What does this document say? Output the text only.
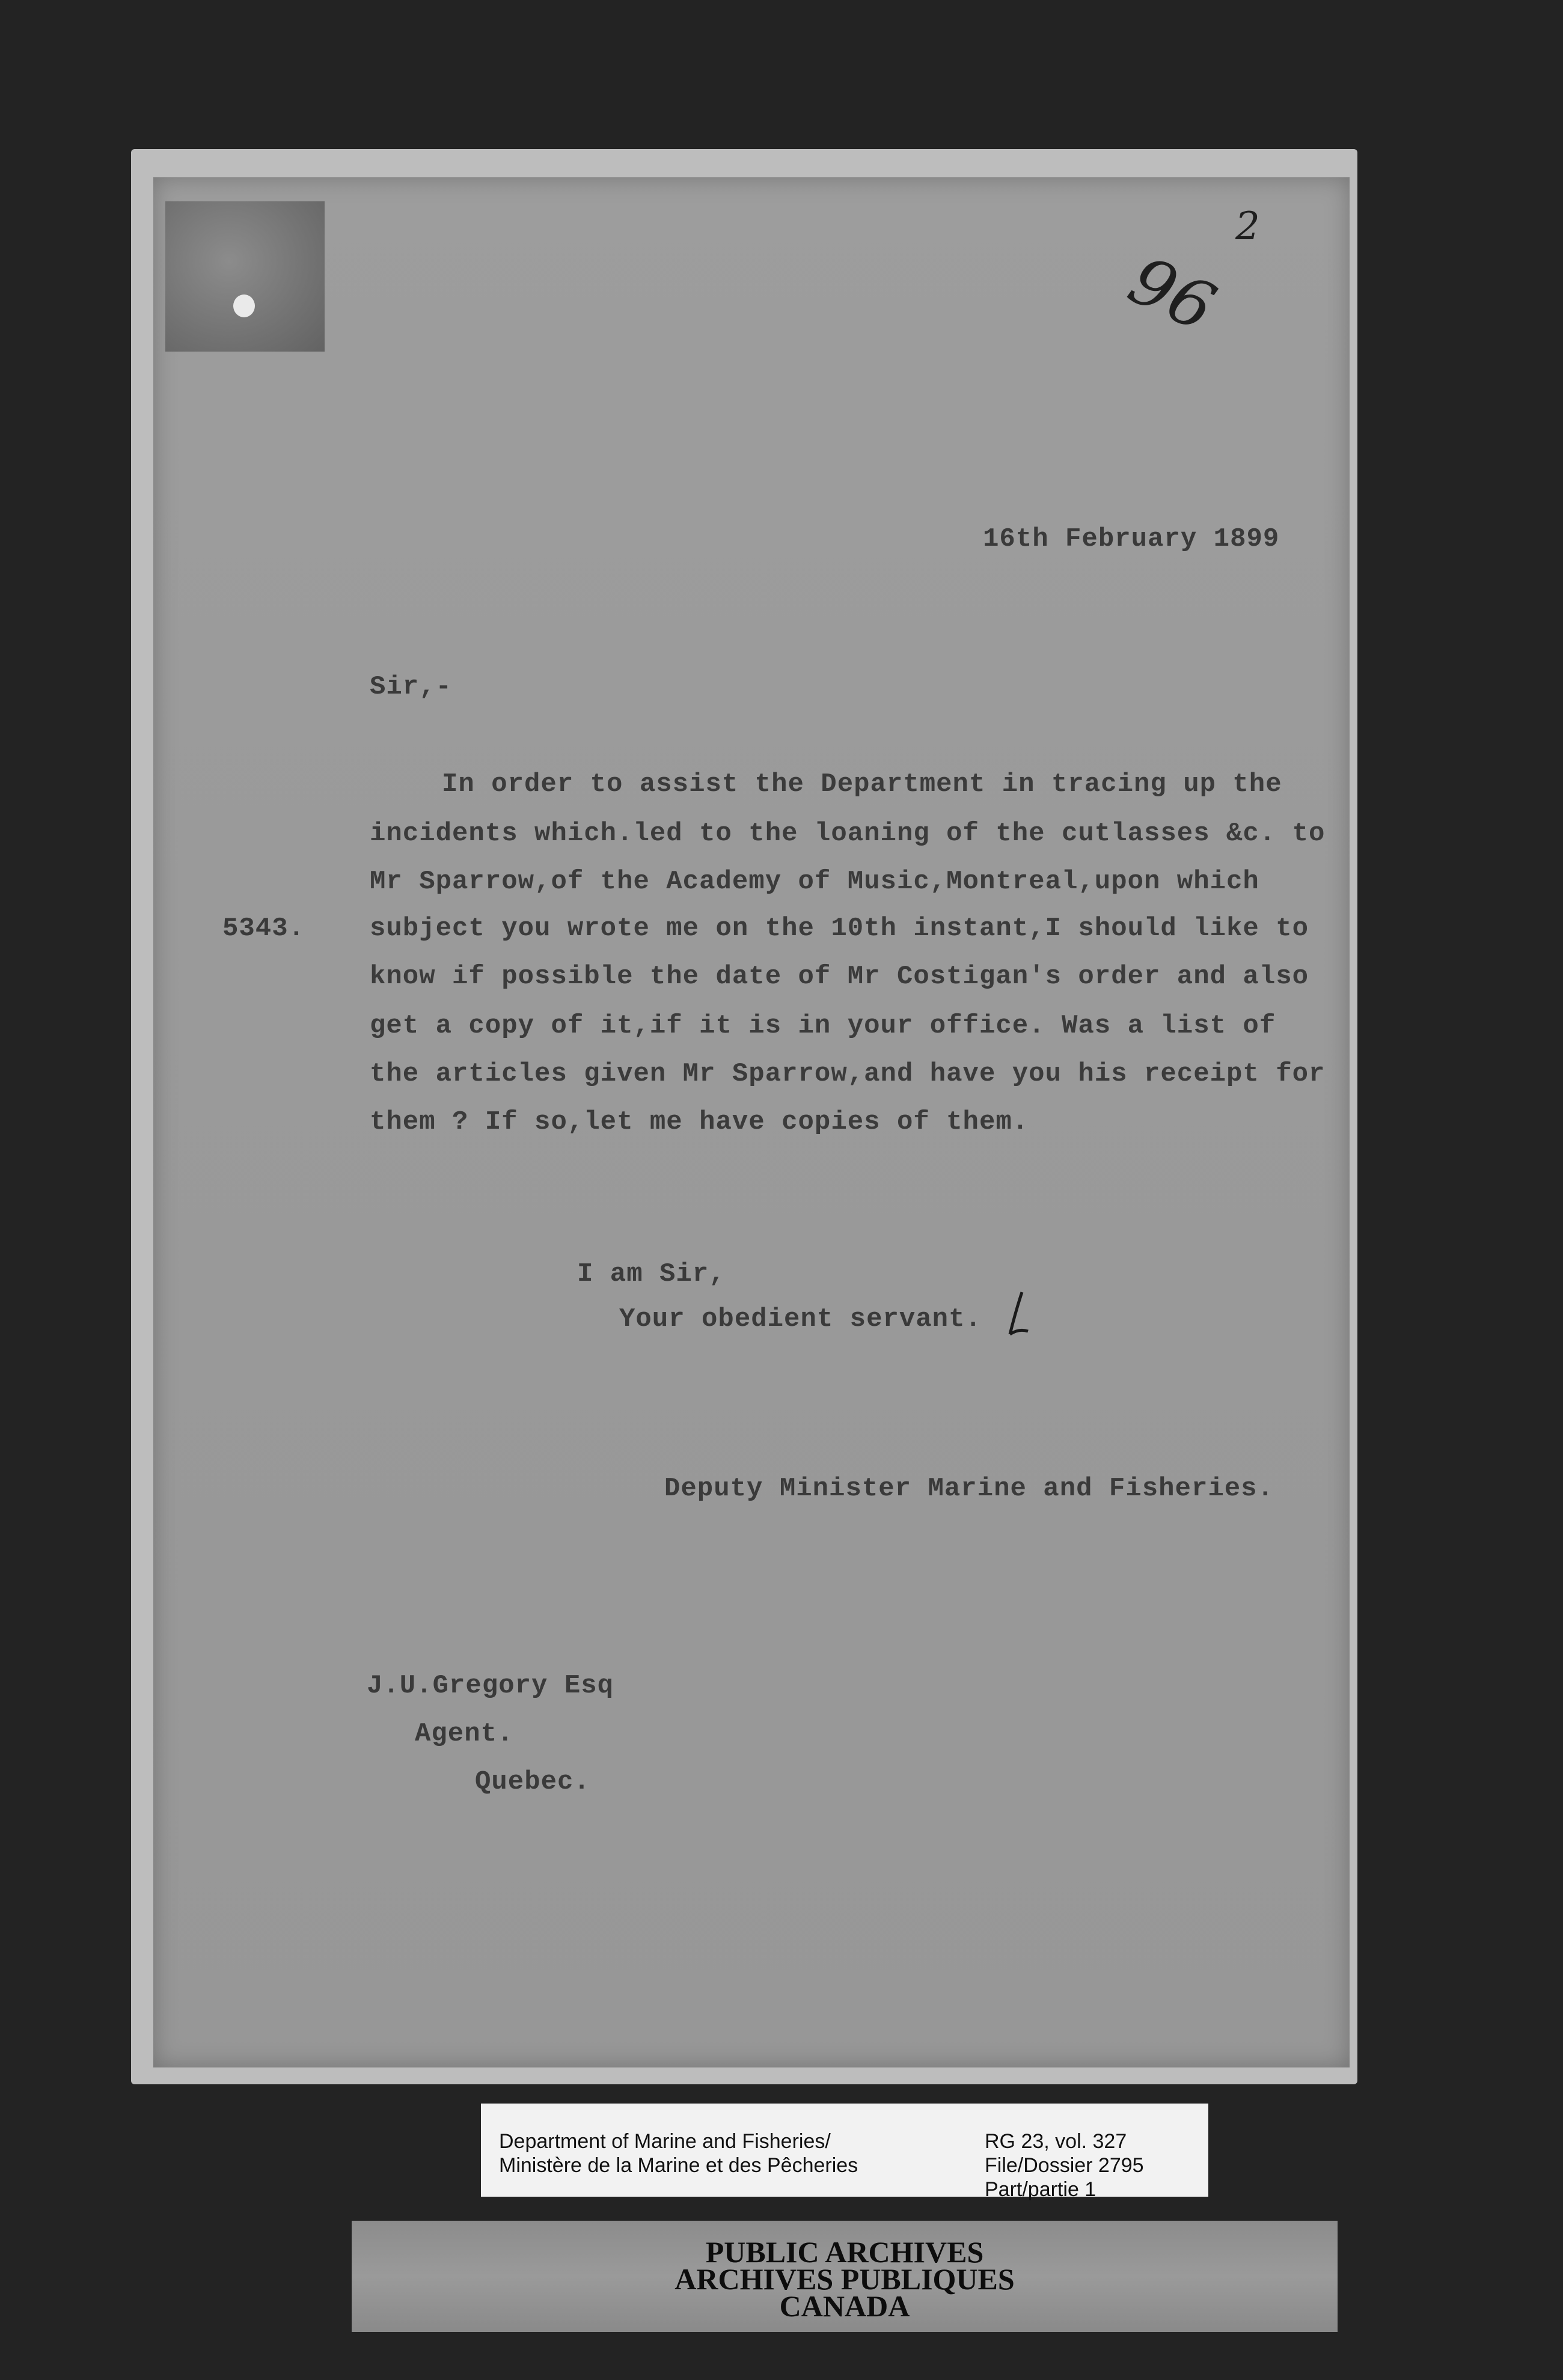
2
96
16th February 1899
Sir,-
5343.
In order to assist the Department in tracing up the
incidents which.led to the loaning of the cutlasses &c. to
Mr Sparrow,of the Academy of Music,Montreal,upon which
subject you wrote me on the 10th instant,I should like to
know if possible the date of Mr Costigan's order and also
get a copy of it,if it is in your office. Was a list of
the articles given Mr Sparrow,and have you his receipt for
them ? If so,let me have copies of them.
I am Sir,
Your obedient servant.
Deputy Minister Marine and Fisheries.
J.U.Gregory Esq
Agent.
Quebec.
Department of Marine and Fisheries/
Ministère de la Marine et des Pêcheries
RG 23, vol. 327
File/Dossier 2795
Part/partie 1
PUBLIC ARCHIVES
ARCHIVES PUBLIQUES
CANADA
